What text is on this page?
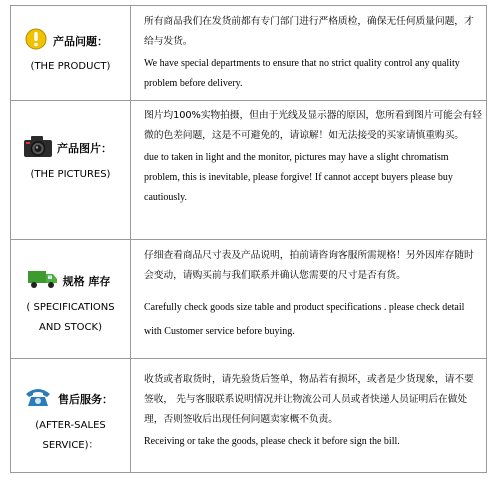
产品问题：
(THE PRODUCT)
所有商品我们在发货前都有专门部门进行严格质检，确保无任何质量问题，才给与发货。
We have special departments to ensure that no strict quality control any quality problem before delivery.
产品图片：
(THE PICTURES)
图片均100%实物拍摄，但由于光线及显示器的原因，您所看到图片可能会有轻微的色差问题，这是不可避免的，请谅解！如无法接受的买家请慎重购买。
due to taken in light and the monitor, pictures may have a slight chromatism problem, this is inevitable, please forgive! If cannot accept buyers please buy cautiously.
规格 库存
( SPECIFICATIONS AND STOCK)
仔细查看商品尺寸表及产品说明，拍前请咨询客服所需规格！另外因库存随时会变动，请购买前与我们联系并确认您需要的尺寸是否有货。
Carefully check goods size table and product specifications . please check detail with Customer service before buying.
售后服务：
(AFTER-SALES SERVICE)：
收货或者取货时，请先验货后签单，物品若有损坏，或者是少货现象，请不要签收， 先与客服联系说明情况并让物流公司人员或者快递人员证明后在做处理，否则签收后出现任何问题卖家概不负责。
Receiving or take the goods, please check it before sign the bill.
